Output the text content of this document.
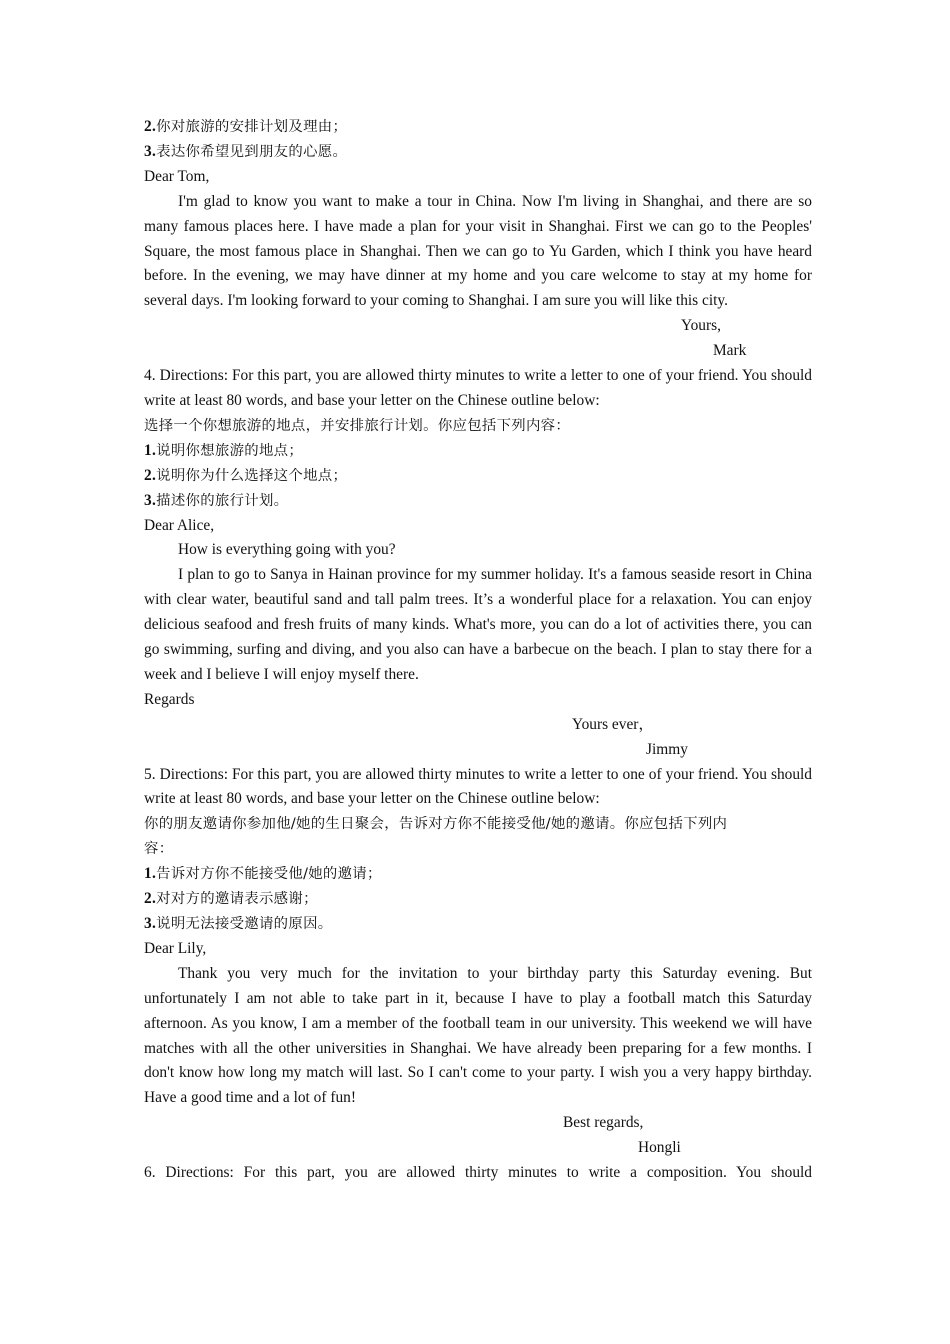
2.你对旅游的安排计划及理由；

3.表达你希望见到朋友的心愿。

Dear Tom,

I'm glad to know you want to make a tour in China. Now I'm living in Shanghai, and there are so many famous places here. I have made a plan for your visit in Shanghai. First we can go to the Peoples' Square, the most famous place in Shanghai. Then we can go to Yu Garden, which I think you have heard before. In the evening, we may have dinner at my home and you care welcome to stay at my home for several days. I'm looking forward to your coming to Shanghai. I am sure you will like this city.

Yours,

Mark

4. Directions: For this part, you are allowed thirty minutes to write a letter to one of your friend. You should write at least 80 words, and base your letter on the Chinese outline below:

选择一个你想旅游的地点，并安排旅行计划。你应包括下列内容：

1.说明你想旅游的地点；

2.说明你为什么选择这个地点；

3.描述你的旅行计划。

Dear Alice,

How is everything going with you?

I plan to go to Sanya in Hainan province for my summer holiday. It's a famous seaside resort in China with clear water, beautiful sand and tall palm trees. It’s a wonderful place for a relaxation. You can enjoy delicious seafood and fresh fruits of many kinds. What's more, you can do a lot of activities there, you can go swimming, surfing and diving, and you also can have a barbecue on the beach. I plan to stay there for a week and I believe I will enjoy myself there.

Regards

Yours ever，

Jimmy

5. Directions: For this part, you are allowed thirty minutes to write a letter to one of your friend. You should write at least 80 words, and base your letter on the Chinese outline below:

你的朋友邀请你参加他/她的生日聚会，告诉对方你不能接受他/她的邀请。你应包括下列内

容：

1.告诉对方你不能接受他/她的邀请；

2.对对方的邀请表示感谢；

3.说明无法接受邀请的原因。

Dear Lily,

Thank you very much for the invitation to your birthday party this Saturday evening. But unfortunately I am not able to take part in it, because I have to play a football match this Saturday afternoon. As you know, I am a member of the football team in our university. This weekend we will have matches with all the other universities in Shanghai. We have already been preparing for a few months. I don't know how long my match will last. So I can't come to your party. I wish you a very happy birthday. Have a good time and a lot of fun!

Best regards,

Hongli

6. Directions: For this part, you are allowed thirty minutes to write a composition. You should
